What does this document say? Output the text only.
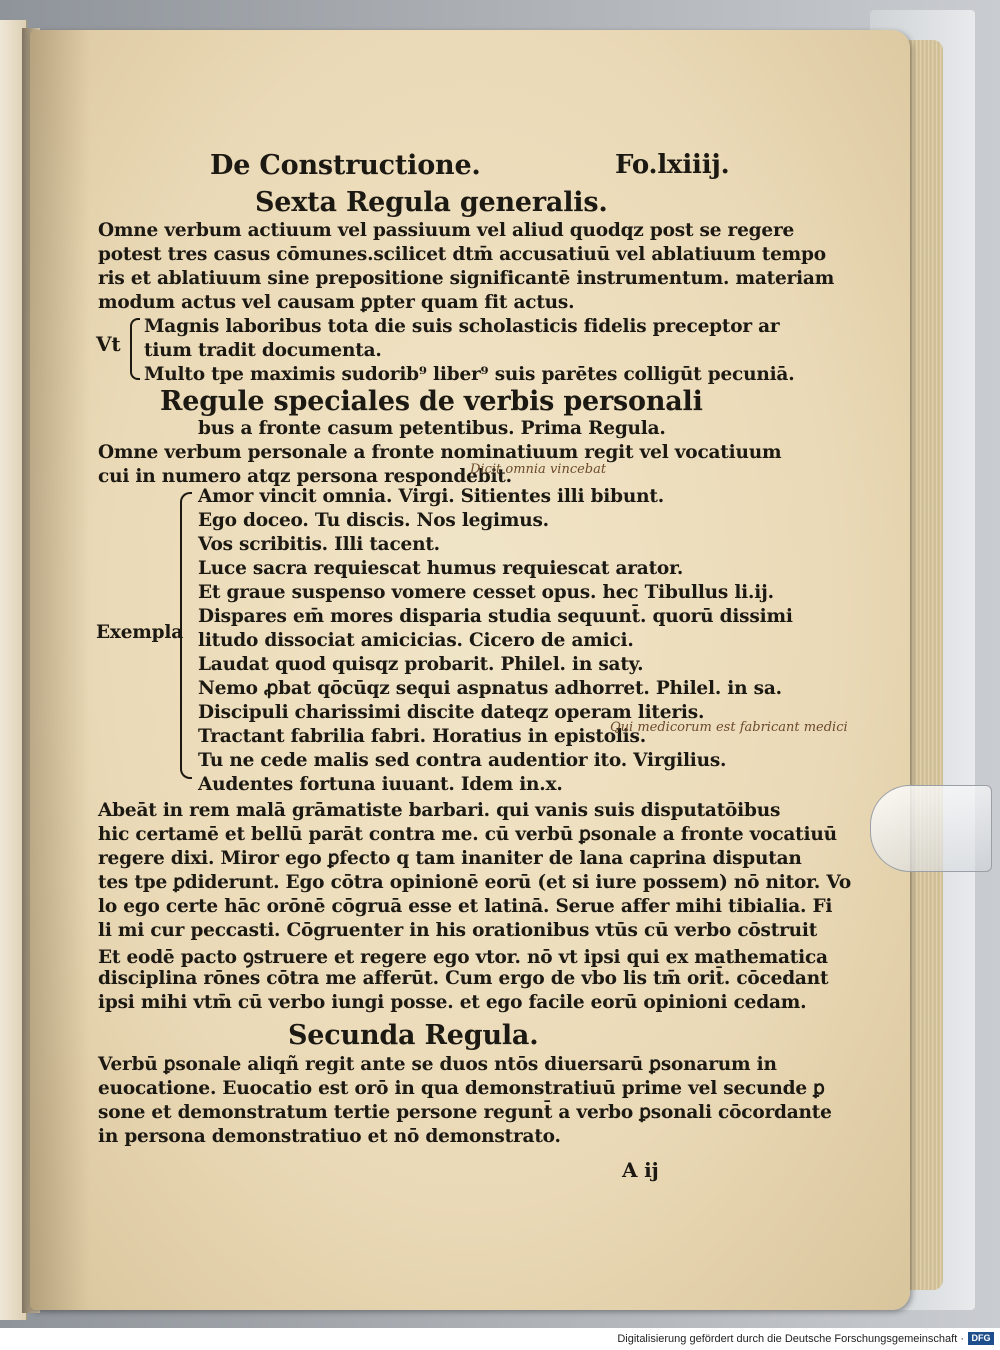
De Constructione.	Fo.lxiiij.
Sexta Regula generalis.
Omne verbum actiuum vel passiuum vel aliud quodqz post se regere
potest tres casus cōmunes.scilicet dtm̄ accusatiuū vel ablatiuum tempo
ris et ablatiuum sine prepositione significantē instrumentum. materiam
modum actus vel causam ꝑpter quam fit actus.
Vt
Magnis laboribus tota die suis scholasticis fidelis preceptor ar
tium tradit documenta.
Multo tpe maximis sudorib⁹ liber⁹ suis parētes colligūt pecuniā.
Regule speciales de verbis personali
bus a fronte casum petentibus. Prima Regula.
Omne verbum personale a fronte nominatiuum regit vel vocatiuum
cui in numero atqz persona respondebit.
Dicit omnia vincebat
Exempla
Amor vincit omnia. Virgi. Sitientes illi bibunt.
Ego doceo. Tu discis. Nos legimus.
Vos scribitis. Illi tacent.
Luce sacra requiescat humus requiescat arator.
Et graue suspenso vomere cesset opus. hec Tibullus li.ij.
Dispares em̄ mores disparia studia sequunt̄. quorū dissimi
litudo dissociat amicicias. Cicero de amici.
Laudat quod quisqz probarit. Philel. in saty.
Nemo ꝓbat qōcūqz sequi aspnatus adhorret. Philel. in sa.
Discipuli charissimi discite dateqz operam literis.
Tractant fabrilia fabri. Horatius in epistolis.
Tu ne cede malis sed contra audentior ito. Virgilius.
Audentes fortuna iuuant. Idem in.x.
Qui medicorum est fabricant medici
Abeāt in rem malā grāmatiste barbari. qui vanis suis disputatōibus
hic certamē et bellū parāt contra me. cū verbū ꝑsonale a fronte vocatiuū
regere dixi. Miror ego ꝑfecto q tam inaniter de lana caprina disputan
tes tpe ꝑdiderunt. Ego cōtra opinionē eorū (et si iure possem) nō nitor. Vo
lo ego certe hāc orōnē cōgruā esse et latinā. Serue affer mihi tibialia. Fi
li mi cur peccasti. Cōgruenter in his orationibus vtūs cū verbo cōstruit
Et eodē pacto ꝯstruere et regere ego vtor. nō vt ipsi qui ex mathematica
disciplina rōnes cōtra me afferūt. Cum ergo de vbo lis tm̄ orit̄. cōcedant
ipsi mihi vtm̄ cū verbo iungi posse. et ego facile eorū opinioni cedam.
Secunda Regula.
Verbū ꝑsonale aliqñ regit ante se duos ntōs diuersarū ꝑsonarum in
euocatione. Euocatio est orō in qua demonstratiuū prime vel secunde ꝑ
sone et demonstratum tertie persone regunt̄ a verbo ꝑsonali cōcordante
in persona demonstratiuo et nō demonstrato.
A ij
Digitalisierung gefördert durch die Deutsche Forschungsgemeinschaft · DFG
